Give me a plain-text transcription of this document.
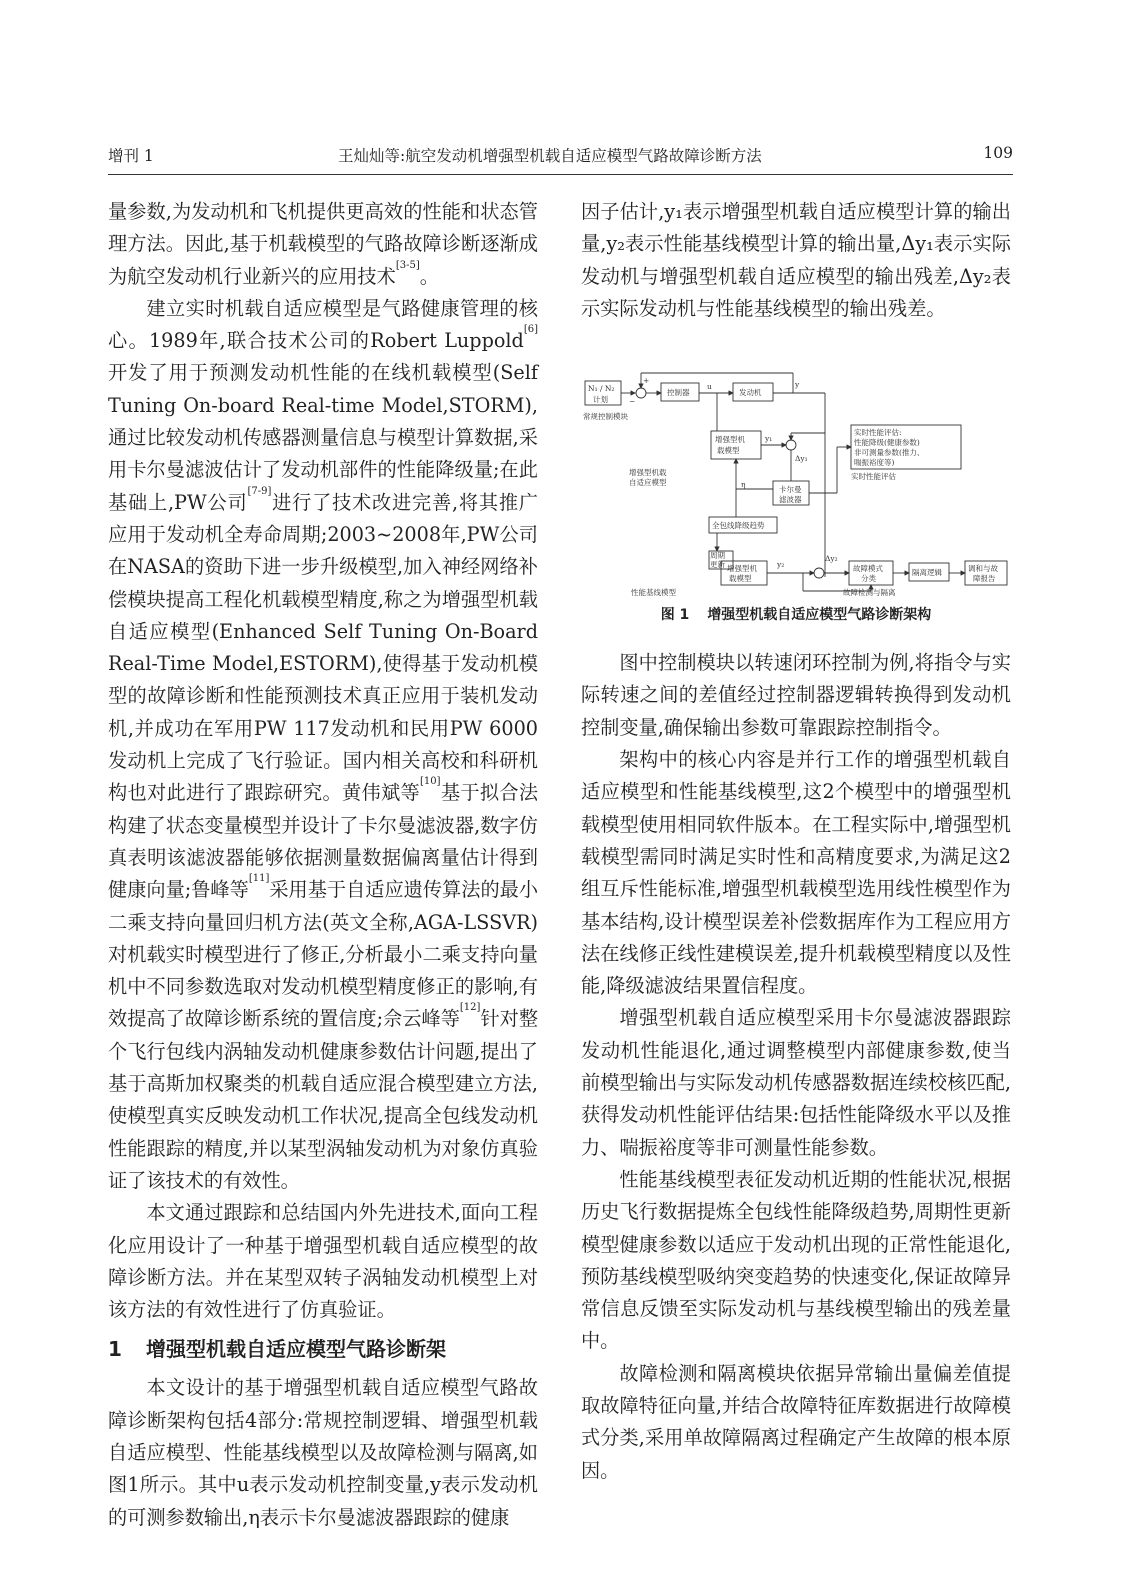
增刊 1	王灿灿等:航空发动机增强型机载自适应模型气路故障诊断方法	109

量参数,为发动机和飞机提供更高效的性能和状态管理方法。因此,基于机载模型的气路故障诊断逐渐成为航空发动机行业新兴的应用技术[3-5]。

建立实时机载自适应模型是气路健康管理的核心。1989年,联合技术公司的Robert Luppold[6]开发了用于预测发动机性能的在线机载模型(Self Tuning On-board Real-time Model,STORM),通过比较发动机传感器测量信息与模型计算数据,采用卡尔曼滤波估计了发动机部件的性能降级量;在此基础上,PW公司[7-9]进行了技术改进完善,将其推广应用于发动机全寿命周期;2003~2008年,PW公司在NASA的资助下进一步升级模型,加入神经网络补偿模块提高工程化机载模型精度,称之为增强型机载自适应模型(Enhanced Self Tuning On-Board Real-Time Model,ESTORM),使得基于发动机模型的故障诊断和性能预测技术真正应用于装机发动机,并成功在军用PW 117发动机和民用PW 6000发动机上完成了飞行验证。国内相关高校和科研机构也对此进行了跟踪研究。黄伟斌等[10]基于拟合法构建了状态变量模型并设计了卡尔曼滤波器,数字仿真表明该滤波器能够依据测量数据偏离量估计得到健康向量;鲁峰等[11]采用基于自适应遗传算法的最小二乘支持向量回归机方法(英文全称,AGA-LSSVR)对机载实时模型进行了修正,分析最小二乘支持向量机中不同参数选取对发动机模型精度修正的影响,有效提高了故障诊断系统的置信度;佘云峰等[12]针对整个飞行包线内涡轴发动机健康参数估计问题,提出了基于高斯加权聚类的机载自适应混合模型建立方法,使模型真实反映发动机工作状况,提高全包线发动机性能跟踪的精度,并以某型涡轴发动机为对象仿真验证了该技术的有效性。

本文通过跟踪和总结国内外先进技术,面向工程化应用设计了一种基于增强型机载自适应模型的故障诊断方法。并在某型双转子涡轴发动机模型上对该方法的有效性进行了仿真验证。

1 增强型机载自适应模型气路诊断架

本文设计的基于增强型机载自适应模型气路故障诊断架构包括4部分:常规控制逻辑、增强型机载自适应模型、性能基线模型以及故障检测与隔离,如图1所示。其中u表示发动机控制变量,y表示发动机的可测参数输出,η表示卡尔曼滤波器跟踪的健康

因子估计,y₁表示增强型机载自适应模型计算的输出量,y₂表示性能基线模型计算的输出量,Δy₁表示实际发动机与增强型机载自适应模型的输出残差,Δy₂表示实际发动机与性能基线模型的输出残差。

N₁ / N₂
计划
控制器	发动机
u	y
−
+
常规控制模块
增强型机
载模型
y₁
Δy₁
η
卡尔曼
滤波器
实时性能评估:
性能降级(健康参数)
非可测量参数(推力、
喘振裕度等)
实时性能评估
增强型机载
自适应模型
全包线降级趋势
周期
更新 增强型机
载模型
y₂
Δy₂
故障模式
分类
隔离逻辑	调和与故
障报告
性能基线模型	故障检测与隔离
图 1 增强型机载自适应模型气路诊断架构

图中控制模块以转速闭环控制为例,将指令与实际转速之间的差值经过控制器逻辑转换得到发动机控制变量,确保输出参数可靠跟踪控制指令。

架构中的核心内容是并行工作的增强型机载自适应模型和性能基线模型,这2个模型中的增强型机载模型使用相同软件版本。在工程实际中,增强型机载模型需同时满足实时性和高精度要求,为满足这2组互斥性能标准,增强型机载模型选用线性模型作为基本结构,设计模型误差补偿数据库作为工程应用方法在线修正线性建模误差,提升机载模型精度以及性能,降级滤波结果置信程度。

增强型机载自适应模型采用卡尔曼滤波器跟踪发动机性能退化,通过调整模型内部健康参数,使当前模型输出与实际发动机传感器数据连续校核匹配,获得发动机性能评估结果:包括性能降级水平以及推力、喘振裕度等非可测量性能参数。

性能基线模型表征发动机近期的性能状况,根据历史飞行数据提炼全包线性能降级趋势,周期性更新模型健康参数以适应于发动机出现的正常性能退化,预防基线模型吸纳突变趋势的快速变化,保证故障异常信息反馈至实际发动机与基线模型输出的残差量中。

故障检测和隔离模块依据异常输出量偏差值提取故障特征向量,并结合故障特征库数据进行故障模式分类,采用单故障隔离过程确定产生故障的根本原因。
